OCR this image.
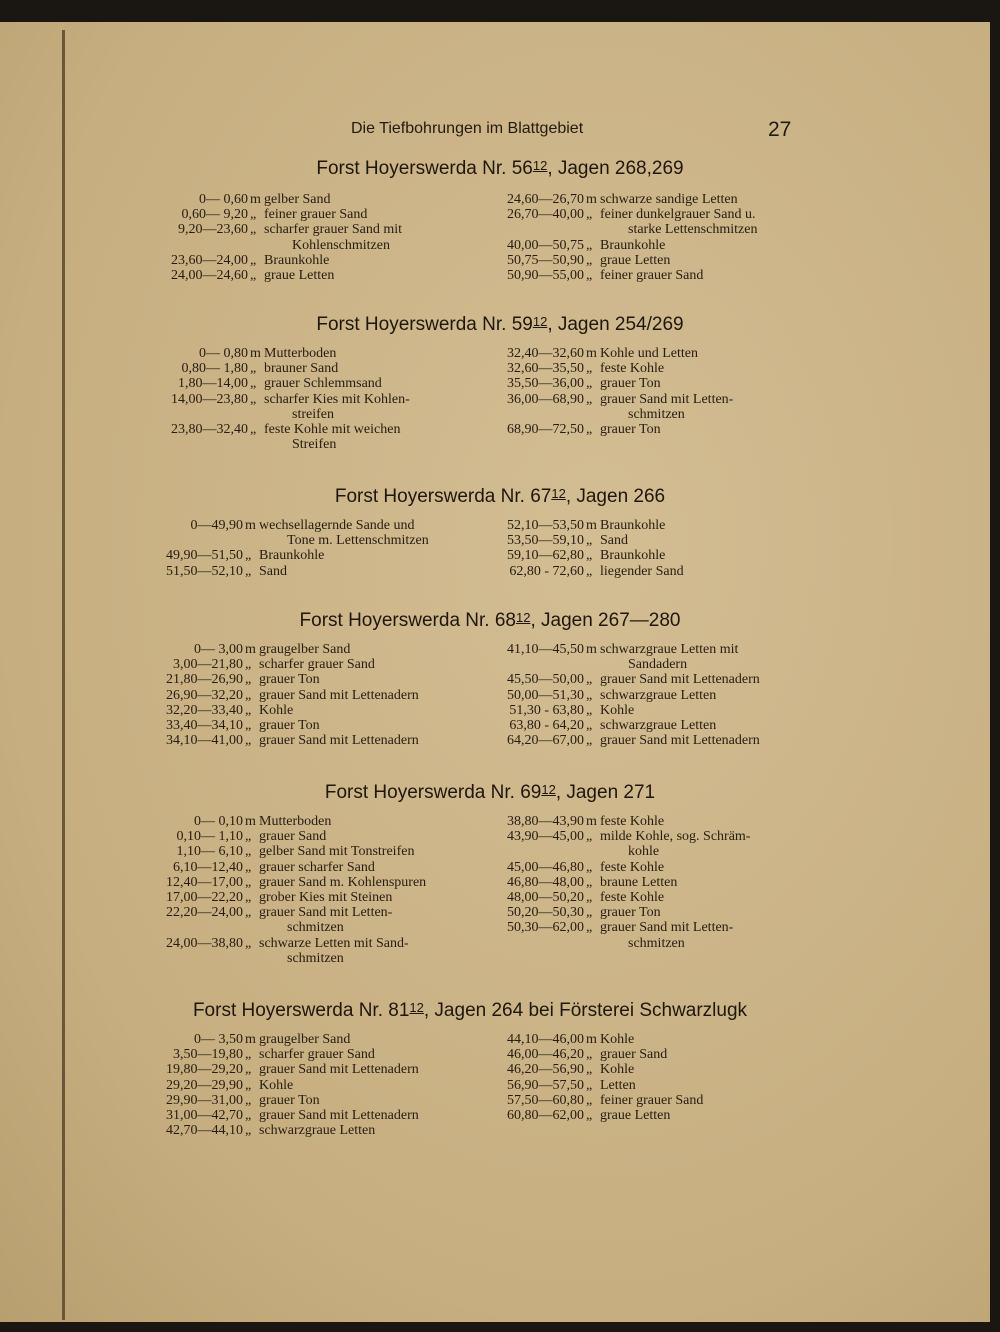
Die Tiefbohrungen im Blattgebiet	27
Forst Hoyerswerda Nr. $56^{12}$, Jagen 268,269
0— 0,60 m gelber Sand
0,60— 9,20 „ feiner grauer Sand
9,20—23,60 „ scharfer grauer Sand mit
Kohlenschmitzen
23,60—24,00 „ Braunkohle
24,00—24,60 „ graue Letten
24,60—26,70 m schwarze sandige Letten
26,70—40,00 „ feiner dunkelgrauer Sand u.
starke Lettenschmitzen
40,00—50,75 „ Braunkohle
50,75—50,90 „ graue Letten
50,90—55,00 „ feiner grauer Sand
Forst Hoyerswerda Nr. $59^{12}$, Jagen 254/269
0— 0,80 m Mutterboden
0,80— 1,80 „ brauner Sand
1,80—14,00 „ grauer Schlemmsand
14,00—23,80 „ scharfer Kies mit Kohlen-
streifen
23,80—32,40 „ feste Kohle mit weichen
Streifen
32,40—32,60 m Kohle und Letten
32,60—35,50 „ feste Kohle
35,50—36,00 „ grauer Ton
36,00—68,90 „ grauer Sand mit Letten-
schmitzen
68,90—72,50 „ grauer Ton
Forst Hoyerswerda Nr. $67^{12}$, Jagen 266
0—49,90 m wechsellagernde Sande und
Tone m. Lettenschmitzen
49,90—51,50 „ Braunkohle
51,50—52,10 „ Sand
52,10—53,50 m Braunkohle
53,50—59,10 „ Sand
59,10—62,80 „ Braunkohle
62,80 - 72,60 „ liegender Sand
Forst Hoyerswerda Nr. $68^{12}$, Jagen 267—280
0— 3,00 m graugelber Sand
3,00—21,80 „ scharfer grauer Sand
21,80—26,90 „ grauer Ton
26,90—32,20 „ grauer Sand mit Lettenadern
32,20—33,40 „ Kohle
33,40—34,10 „ grauer Ton
34,10—41,00 „ grauer Sand mit Lettenadern
41,10—45,50 m schwarzgraue Letten mit
Sandadern
45,50—50,00 „ grauer Sand mit Lettenadern
50,00—51,30 „ schwarzgraue Letten
51,30 - 63,80 „ Kohle
63,80 - 64,20 „ schwarzgraue Letten
64,20—67,00 „ grauer Sand mit Lettenadern
Forst Hoyerswerda Nr. $69^{12}$, Jagen 271
0— 0,10 m Mutterboden
0,10— 1,10 „ grauer Sand
1,10— 6,10 „ gelber Sand mit Tonstreifen
6,10—12,40 „ grauer scharfer Sand
12,40—17,00 „ grauer Sand m. Kohlenspuren
17,00—22,20 „ grober Kies mit Steinen
22,20—24,00 „ grauer Sand mit Letten-
schmitzen
24,00—38,80 „ schwarze Letten mit Sand-
schmitzen
38,80—43,90 m feste Kohle
43,90—45,00 „ milde Kohle, sog. Schräm-
kohle
45,00—46,80 „ feste Kohle
46,80—48,00 „ braune Letten
48,00—50,20 „ feste Kohle
50,20—50,30 „ grauer Ton
50,30—62,00 „ grauer Sand mit Letten-
schmitzen
Forst Hoyerswerda Nr. $81^{12}$, Jagen 264 bei Försterei Schwarzlugk
0— 3,50 m graugelber Sand
3,50—19,80 „ scharfer grauer Sand
19,80—29,20 „ grauer Sand mit Lettenadern
29,20—29,90 „ Kohle
29,90—31,00 „ grauer Ton
31,00—42,70 „ grauer Sand mit Lettenadern
42,70—44,10 „ schwarzgraue Letten
44,10—46,00 m Kohle
46,00—46,20 „ grauer Sand
46,20—56,90 „ Kohle
56,90—57,50 „ Letten
57,50—60,80 „ feiner grauer Sand
60,80—62,00 „ graue Letten
